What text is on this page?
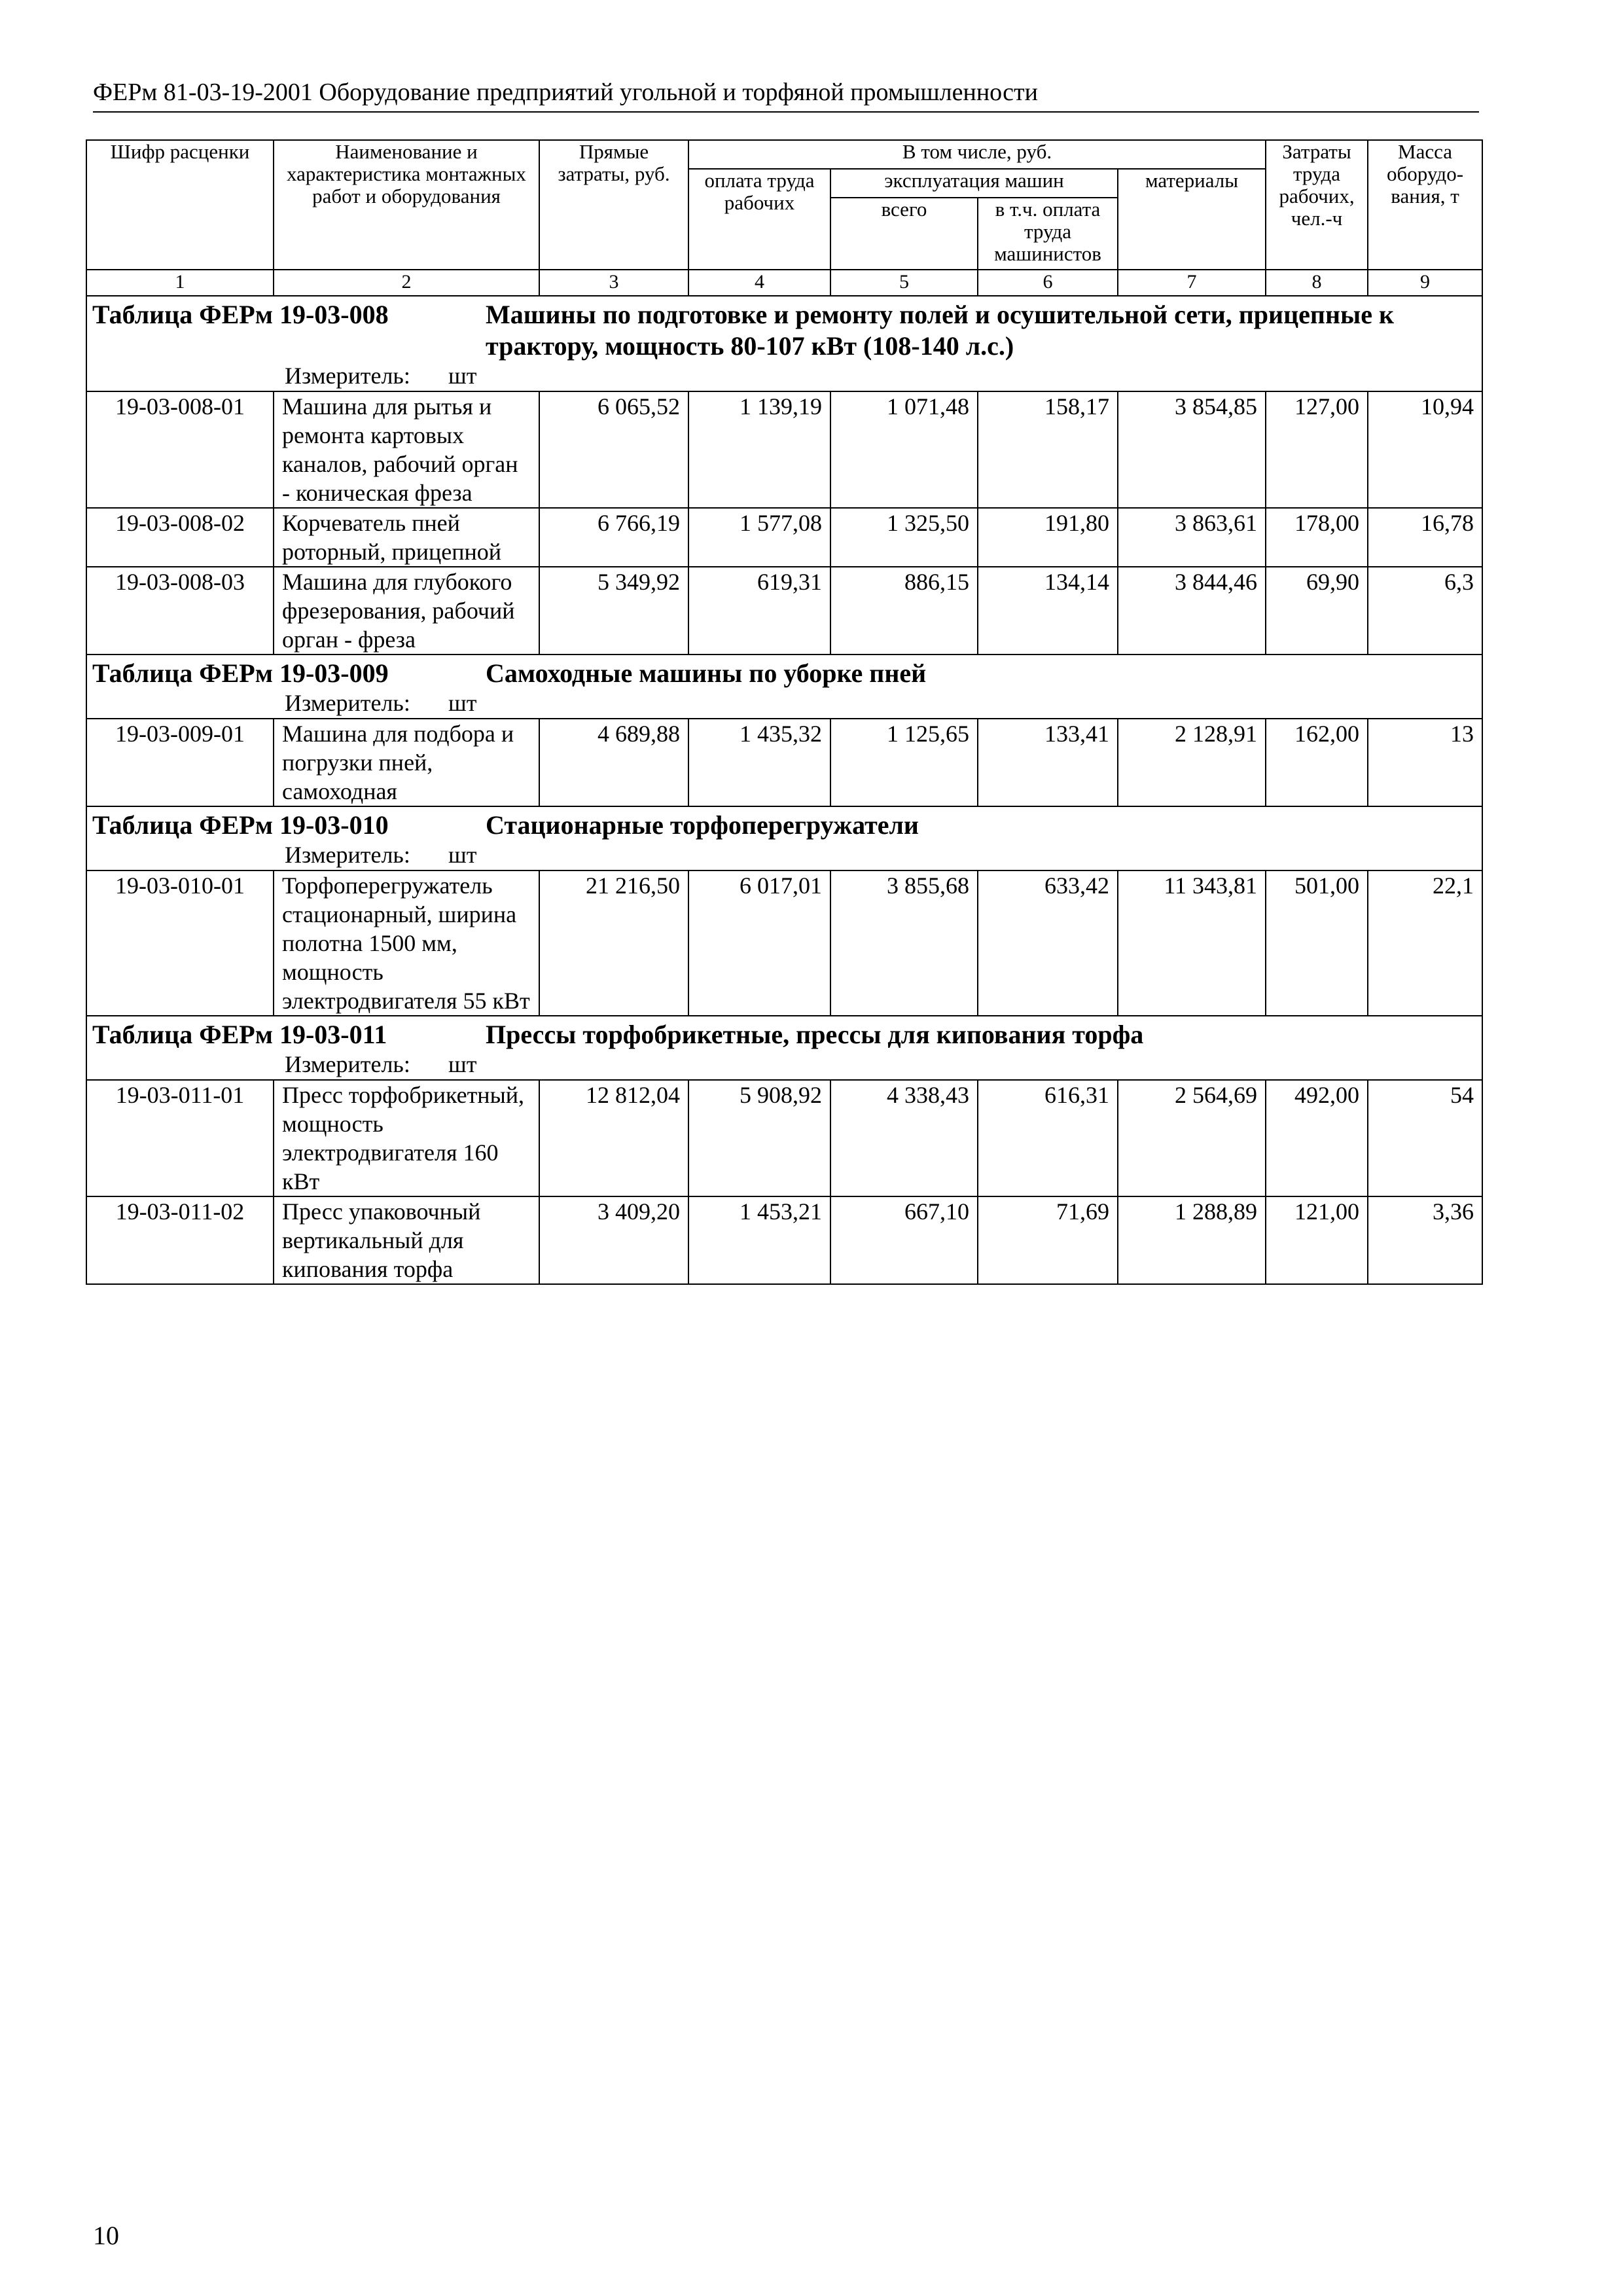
ФЕРм 81-03-19-2001 Оборудование предприятий угольной и торфяной промышленности
Шифр расценки	Наименование и характеристика монтажных работ и оборудования	Прямые затраты, руб.	В том числе, руб.				Затраты труда рабочих, чел.-ч	Масса оборудо-вания, т
			оплата труда рабочих	эксплуатация машин		материалы		
				всего	в т.ч. оплата труда машинистов			
1	2	3	4	5	6	7	8	9
Таблица ФЕРм 19-03-008 Машины по подготовке и ремонту полей и осушительной сети, прицепные к трактору, мощность 80-107 кВт (108-140 л.с.)								
Измеритель: шт								
19-03-008-01	Машина для рытья и ремонта картовых каналов, рабочий орган - коническая фреза	6 065,52	1 139,19	1 071,48	158,17	3 854,85	127,00	10,94
19-03-008-02	Корчеватель пней роторный, прицепной	6 766,19	1 577,08	1 325,50	191,80	3 863,61	178,00	16,78
19-03-008-03	Машина для глубокого фрезерования, рабочий орган - фреза	5 349,92	619,31	886,15	134,14	3 844,46	69,90	6,3
Таблица ФЕРм 19-03-009 Самоходные машины по уборке пней								
Измеритель: шт								
19-03-009-01	Машина для подбора и погрузки пней, самоходная	4 689,88	1 435,32	1 125,65	133,41	2 128,91	162,00	13
Таблица ФЕРм 19-03-010 Стационарные торфоперегружатели								
Измеритель: шт								
19-03-010-01	Торфоперегружатель стационарный, ширина полотна 1500 мм, мощность электродвигателя 55 кВт	21 216,50	6 017,01	3 855,68	633,42	11 343,81	501,00	22,1
Таблица ФЕРм 19-03-011 Прессы торфобрикетные, прессы для кипования торфа								
Измеритель: шт								
19-03-011-01	Пресс торфобрикетный, мощность электродвигателя 160 кВт	12 812,04	5 908,92	4 338,43	616,31	2 564,69	492,00	54
19-03-011-02	Пресс упаковочный вертикальный для кипования торфа	3 409,20	1 453,21	667,10	71,69	1 288,89	121,00	3,36
10
